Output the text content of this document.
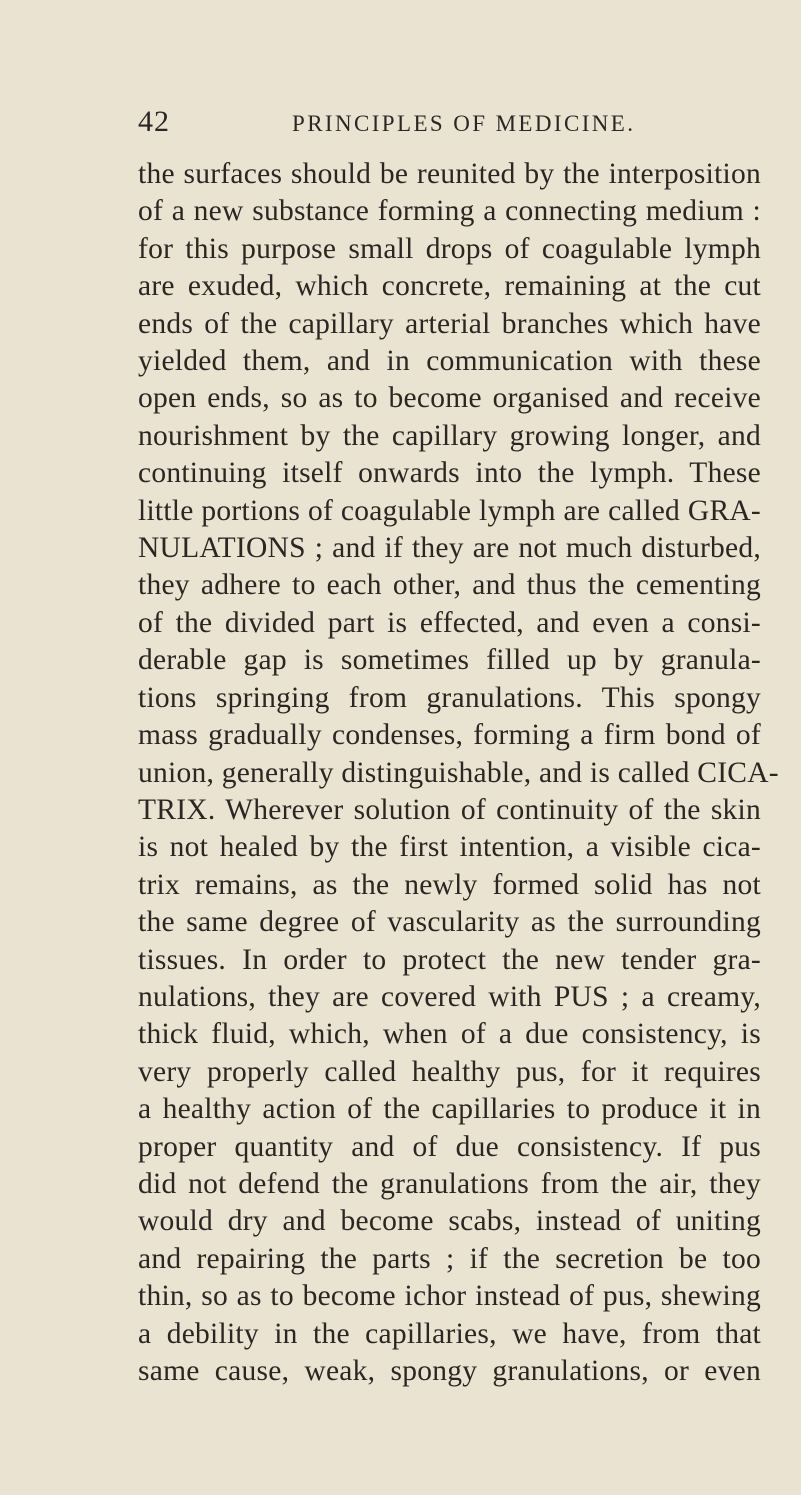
42	PRINCIPLES OF MEDICINE.
the surfaces should be reunited by the interposition
of a new substance forming a connecting medium :
for this purpose small drops of coagulable lymph
are exuded, which concrete, remaining at the cut
ends of the capillary arterial branches which have
yielded them, and in communication with these
open ends, so as to become organised and receive
nourishment by the capillary growing longer, and
continuing itself onwards into the lymph. These
little portions of coagulable lymph are called GRA-
NULATIONS ; and if they are not much disturbed,
they adhere to each other, and thus the cementing
of the divided part is effected, and even a consi-
derable gap is sometimes filled up by granula-
tions springing from granulations. This spongy
mass gradually condenses, forming a firm bond of
union, generally distinguishable, and is called CICA-
TRIX. Wherever solution of continuity of the skin
is not healed by the first intention, a visible cica-
trix remains, as the newly formed solid has not
the same degree of vascularity as the surrounding
tissues. In order to protect the new tender gra-
nulations, they are covered with PUS ; a creamy,
thick fluid, which, when of a due consistency, is
very properly called healthy pus, for it requires
a healthy action of the capillaries to produce it in
proper quantity and of due consistency. If pus
did not defend the granulations from the air, they
would dry and become scabs, instead of uniting
and repairing the parts ; if the secretion be too
thin, so as to become ichor instead of pus, shewing
a debility in the capillaries, we have, from that
same cause, weak, spongy granulations, or even
